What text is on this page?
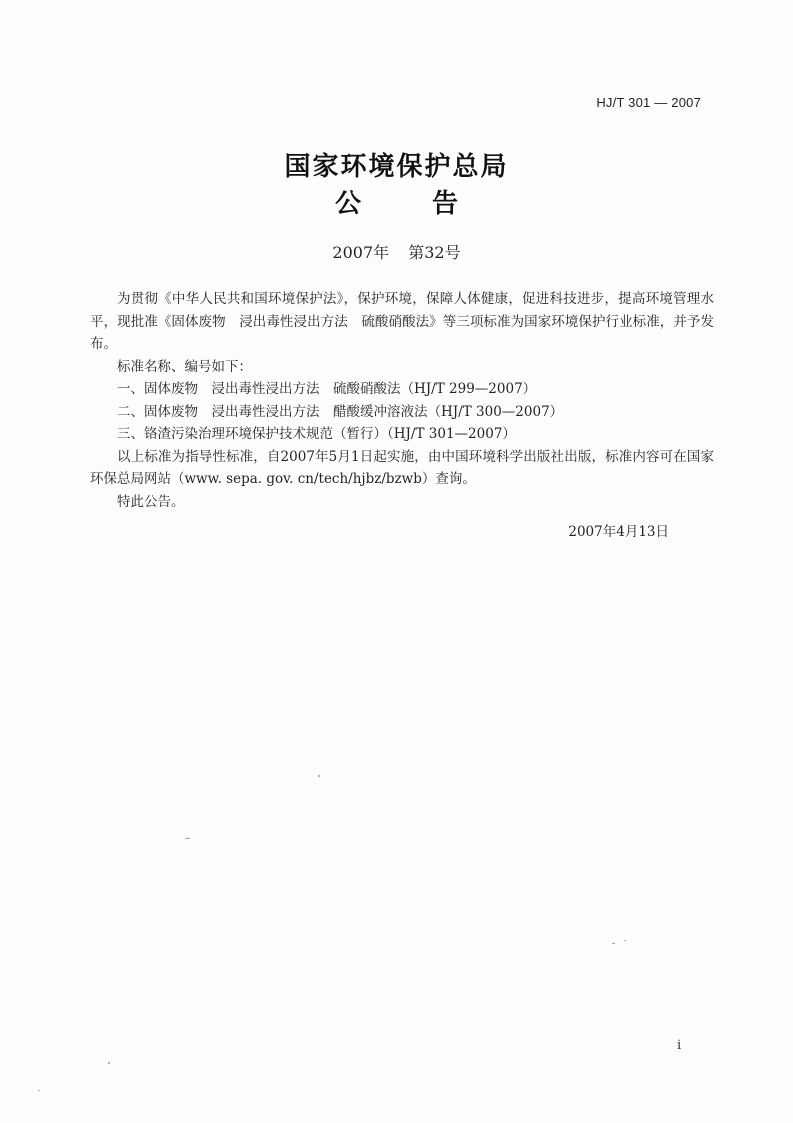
HJ/T 301 — 2007
国家环境保护总局
公 告
2007年 第32号

为贯彻《中华人民共和国环境保护法》，保护环境，保障人体健康，促进科技进步，提高环境管理水平，现批准《固体废物　浸出毒性浸出方法　硫酸硝酸法》等三项标准为国家环境保护行业标准，并予发布。

标准名称、编号如下：

一、固体废物　浸出毒性浸出方法　硫酸硝酸法（HJ/T 299—2007）

二、固体废物　浸出毒性浸出方法　醋酸缓冲溶液法（HJ/T 300—2007）

三、铬渣污染治理环境保护技术规范（暂行）（HJ/T 301—2007）

以上标准为指导性标准，自2007年5月1日起实施，由中国环境科学出版社出版，标准内容可在国家环保总局网站（www. sepa. gov. cn/tech/hjbz/bzwb）查询。

特此公告。

2007年4月13日
i
